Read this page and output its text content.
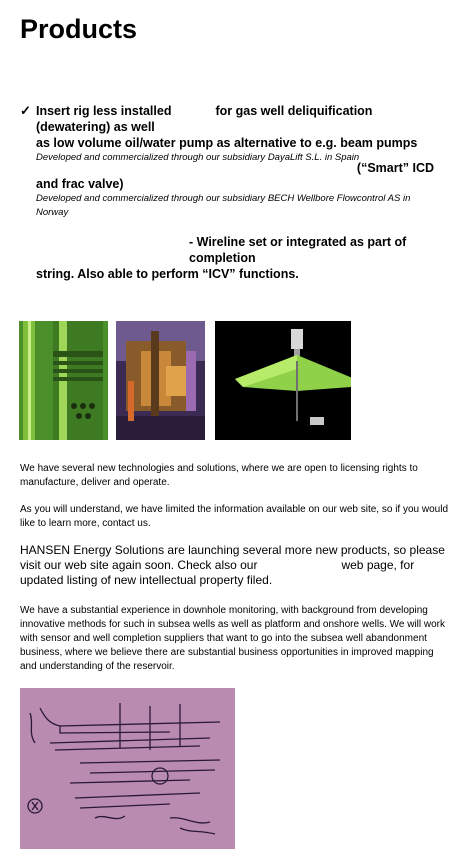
Products
✓ Insert rig less installed	for gas well deliquification (dewatering) as well
as low volume oil/water pump as alternative to e.g. beam pumps
Developed and commercialized through our subsidiary DayaLift S.L. in Spain
(“Smart” ICD
and frac valve)
Developed and commercialized through our subsidiary BECH Wellbore Flowcontrol AS in
Norway
- Wireline set or integrated as part of completion
string. Also able to perform “ICV” functions.
We have several new technologies and solutions, where we are open to licensing rights to manufacture, deliver and operate.
As you will understand, we have limited the information available on our web site, so if you would like to learn more, contact us.
HANSEN Energy Solutions are launching several more new products, so please visit our web site again soon. Check also our	web page, for updated listing of new intellectual property filed.
We have a substantial experience in downhole monitoring, with background from developing innovative methods for such in subsea wells as well as platform and onshore wells. We will work with sensor and well completion suppliers that want to go into the subsea well abandonment business, where we believe there are substantial business opportunities in improved mapping and understanding of the reservoir.
